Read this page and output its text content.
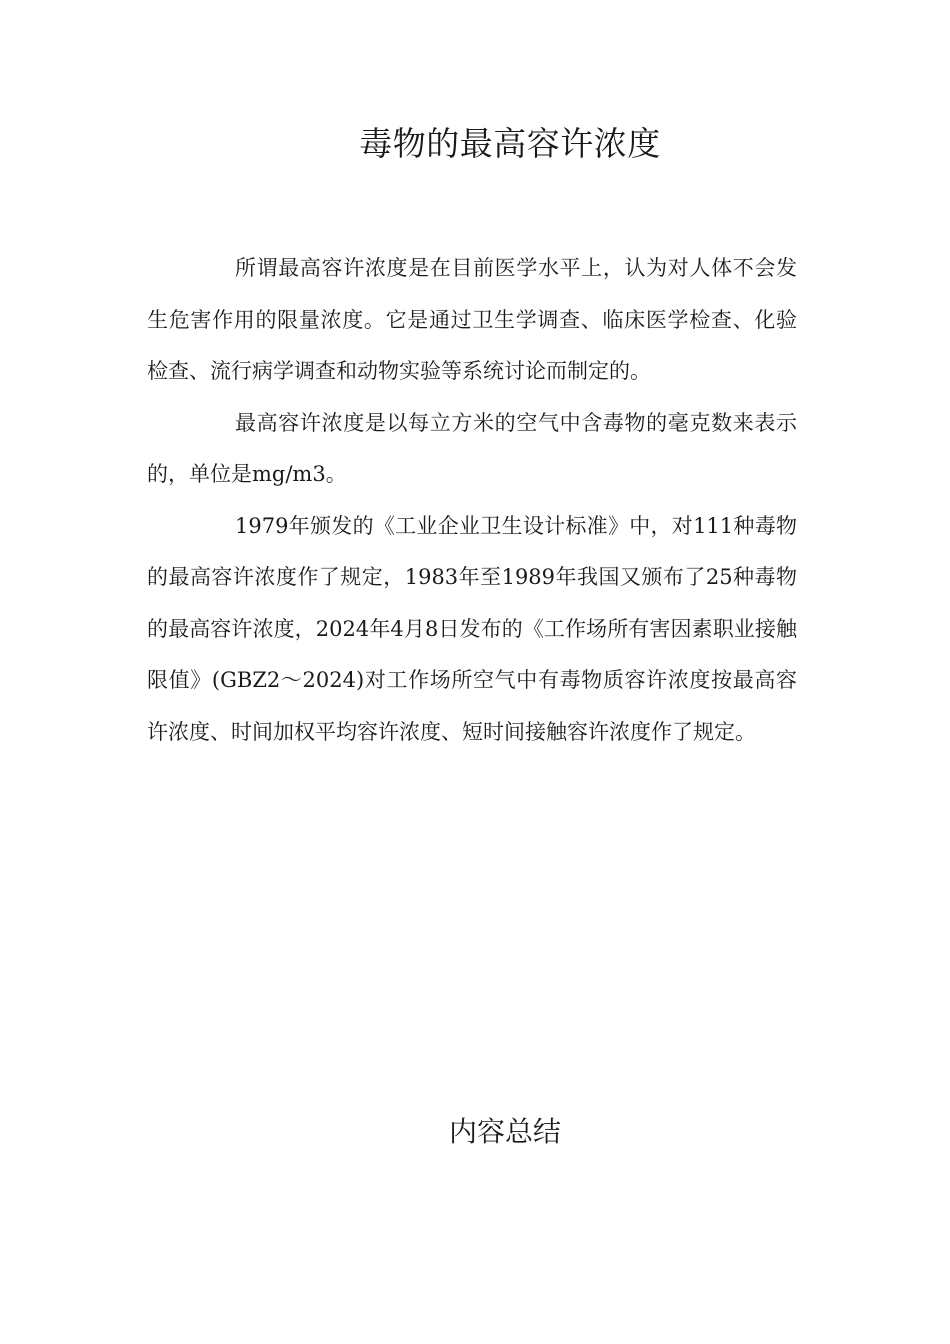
毒物的最高容许浓度

所谓最高容许浓度是在目前医学水平上，认为对人体不会发生危害作用的限量浓度。它是通过卫生学调查、临床医学检查、化验检查、流行病学调查和动物实验等系统讨论而制定的。

最高容许浓度是以每立方米的空气中含毒物的毫克数来表示的，单位是mg/m3。

1979年颁发的《工业企业卫生设计标准》中，对111种毒物的最高容许浓度作了规定，1983年至1989年我国又颁布了25种毒物的最高容许浓度，2024年4月8日发布的《工作场所有害因素职业接触限值》(GBZ2～2024)对工作场所空气中有毒物质容许浓度按最高容许浓度、时间加权平均容许浓度、短时间接触容许浓度作了规定。

内容总结
